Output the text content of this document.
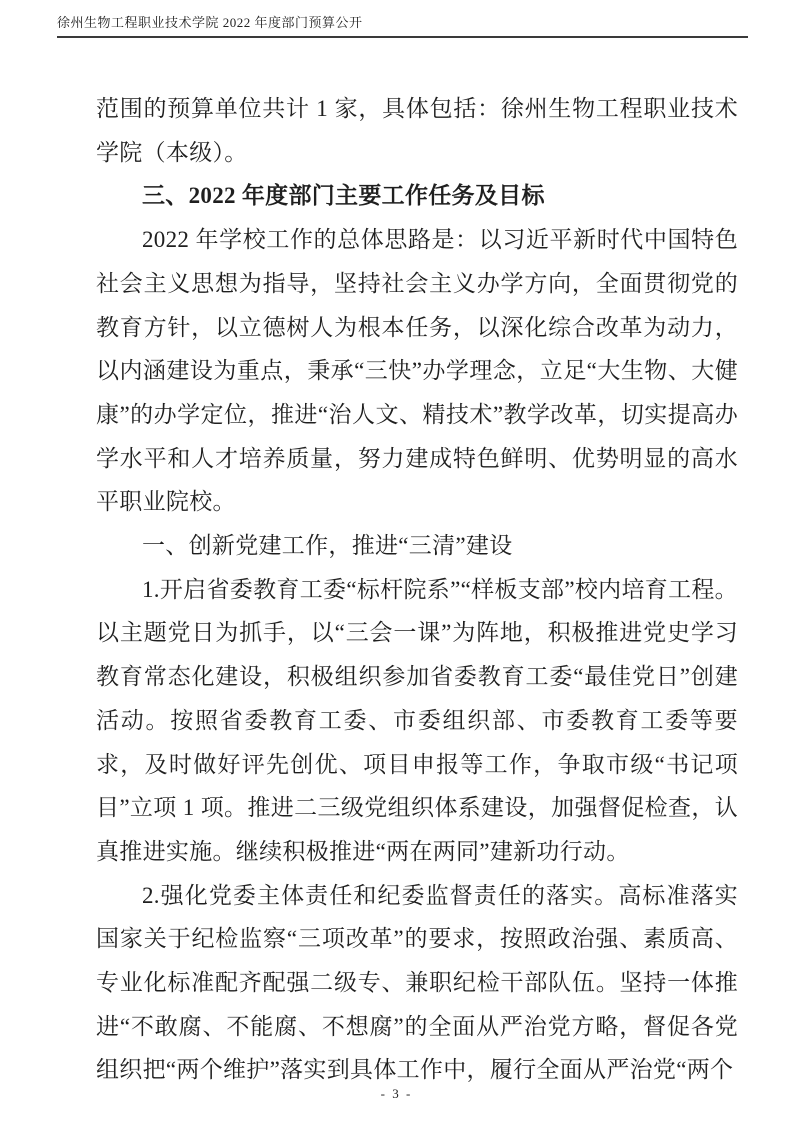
徐州生物工程职业技术学院 2022 年度部门预算公开

范围的预算单位共计 1 家，具体包括：徐州生物工程职业技术学院（本级）。

三、2022 年度部门主要工作任务及目标

2022 年学校工作的总体思路是：以习近平新时代中国特色社会主义思想为指导，坚持社会主义办学方向，全面贯彻党的教育方针，以立德树人为根本任务，以深化综合改革为动力，以内涵建设为重点，秉承“三快”办学理念，立足“大生物、大健康”的办学定位，推进“治人文、精技术”教学改革，切实提高办学水平和人才培养质量，努力建成特色鲜明、优势明显的高水平职业院校。

一、创新党建工作，推进“三清”建设

1.开启省委教育工委“标杆院系”“样板支部”校内培育工程。以主题党日为抓手，以“三会一课”为阵地，积极推进党史学习教育常态化建设，积极组织参加省委教育工委“最佳党日”创建活动。按照省委教育工委、市委组织部、市委教育工委等要求，及时做好评先创优、项目申报等工作，争取市级“书记项目”立项 1 项。推进二三级党组织体系建设，加强督促检查，认真推进实施。继续积极推进“两在两同”建新功行动。

2.强化党委主体责任和纪委监督责任的落实。高标准落实国家关于纪检监察“三项改革”的要求，按照政治强、素质高、专业化标准配齐配强二级专、兼职纪检干部队伍。坚持一体推进“不敢腐、不能腐、不想腐”的全面从严治党方略，督促各党组织把“两个维护”落实到具体工作中，履行全面从严治党“两个

- 3 -
